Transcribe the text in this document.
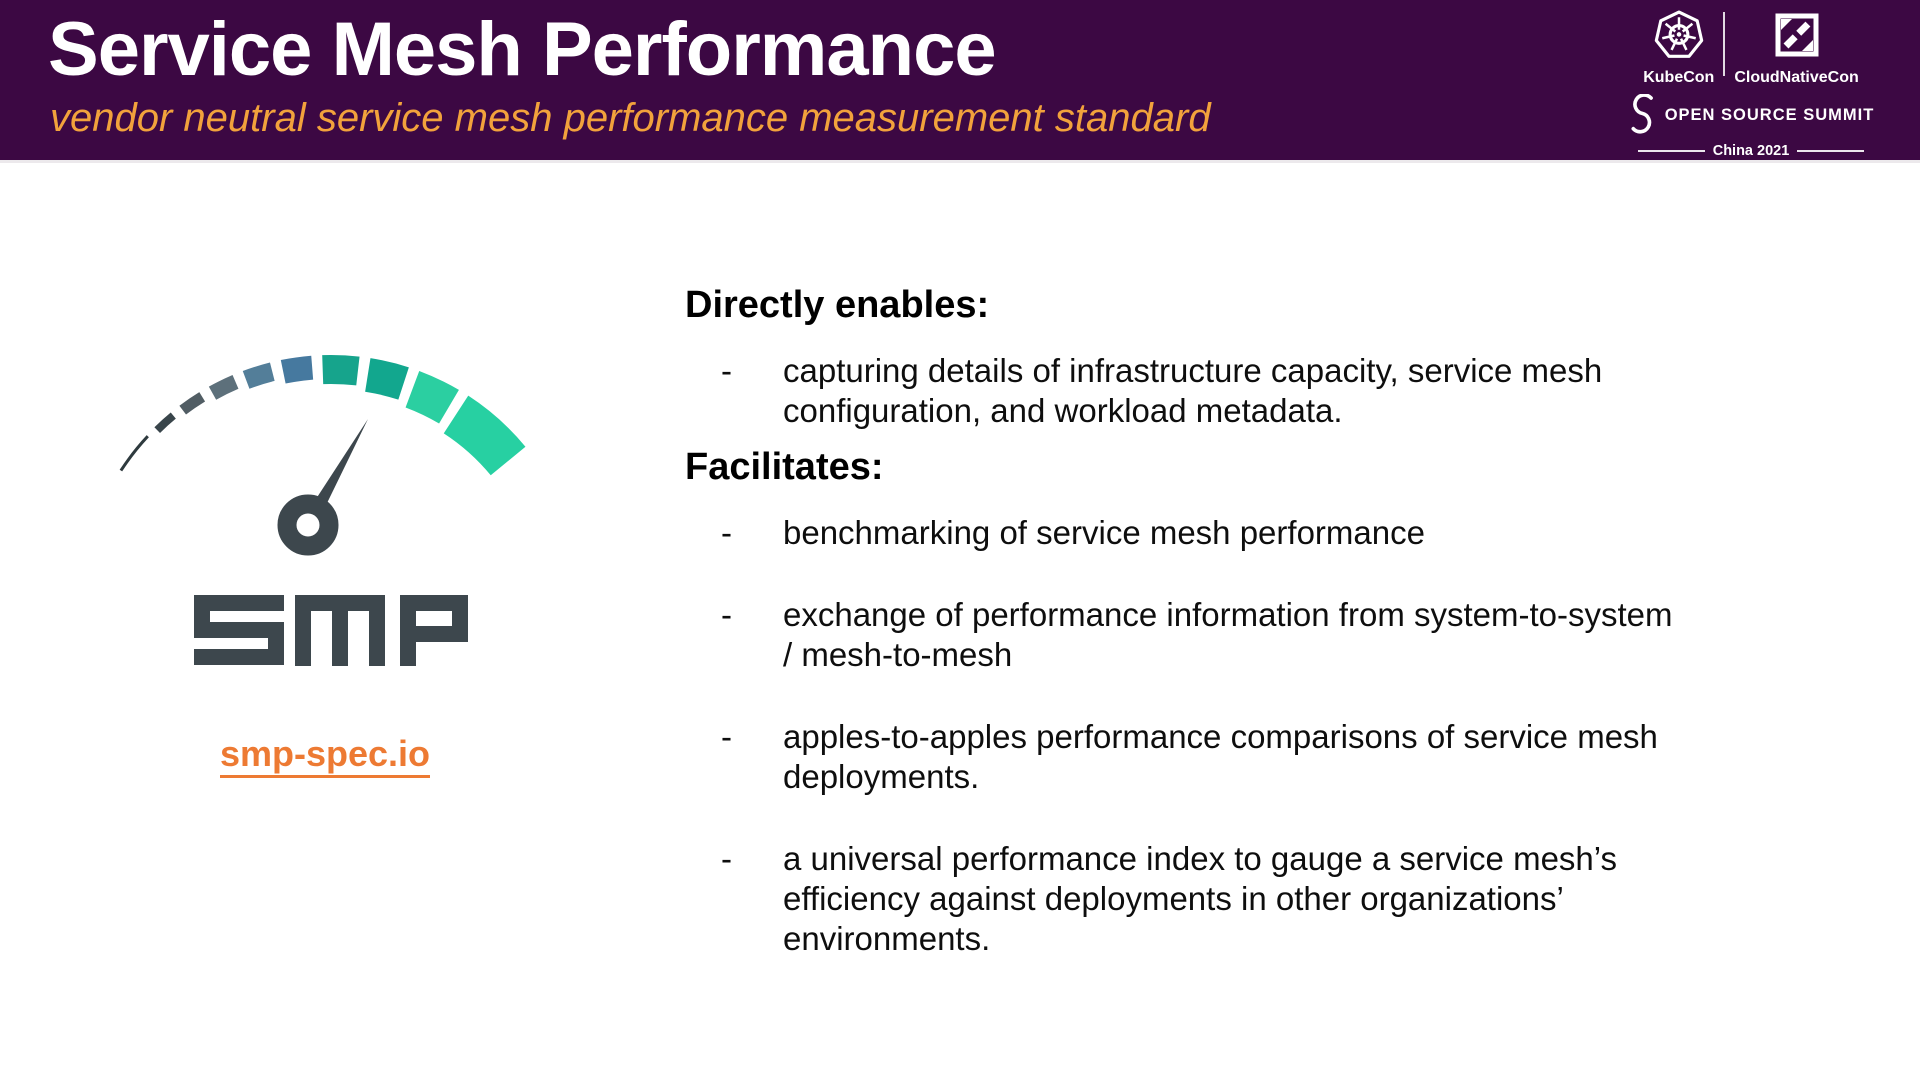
Service Mesh Performance
vendor neutral service mesh performance measurement standard
KubeCon CloudNativeCon
OPEN SOURCE SUMMIT
China 2021
smp-spec.io
Directly enables:
- capturing details of infrastructure capacity, service mesh
configuration, and workload metadata.
Facilitates:
- benchmarking of service mesh performance
- exchange of performance information from system-to-system
/ mesh-to-mesh
- apples-to-apples performance comparisons of service mesh
deployments.
- a universal performance index to gauge a service mesh’s
efficiency against deployments in other organizations’
environments.
